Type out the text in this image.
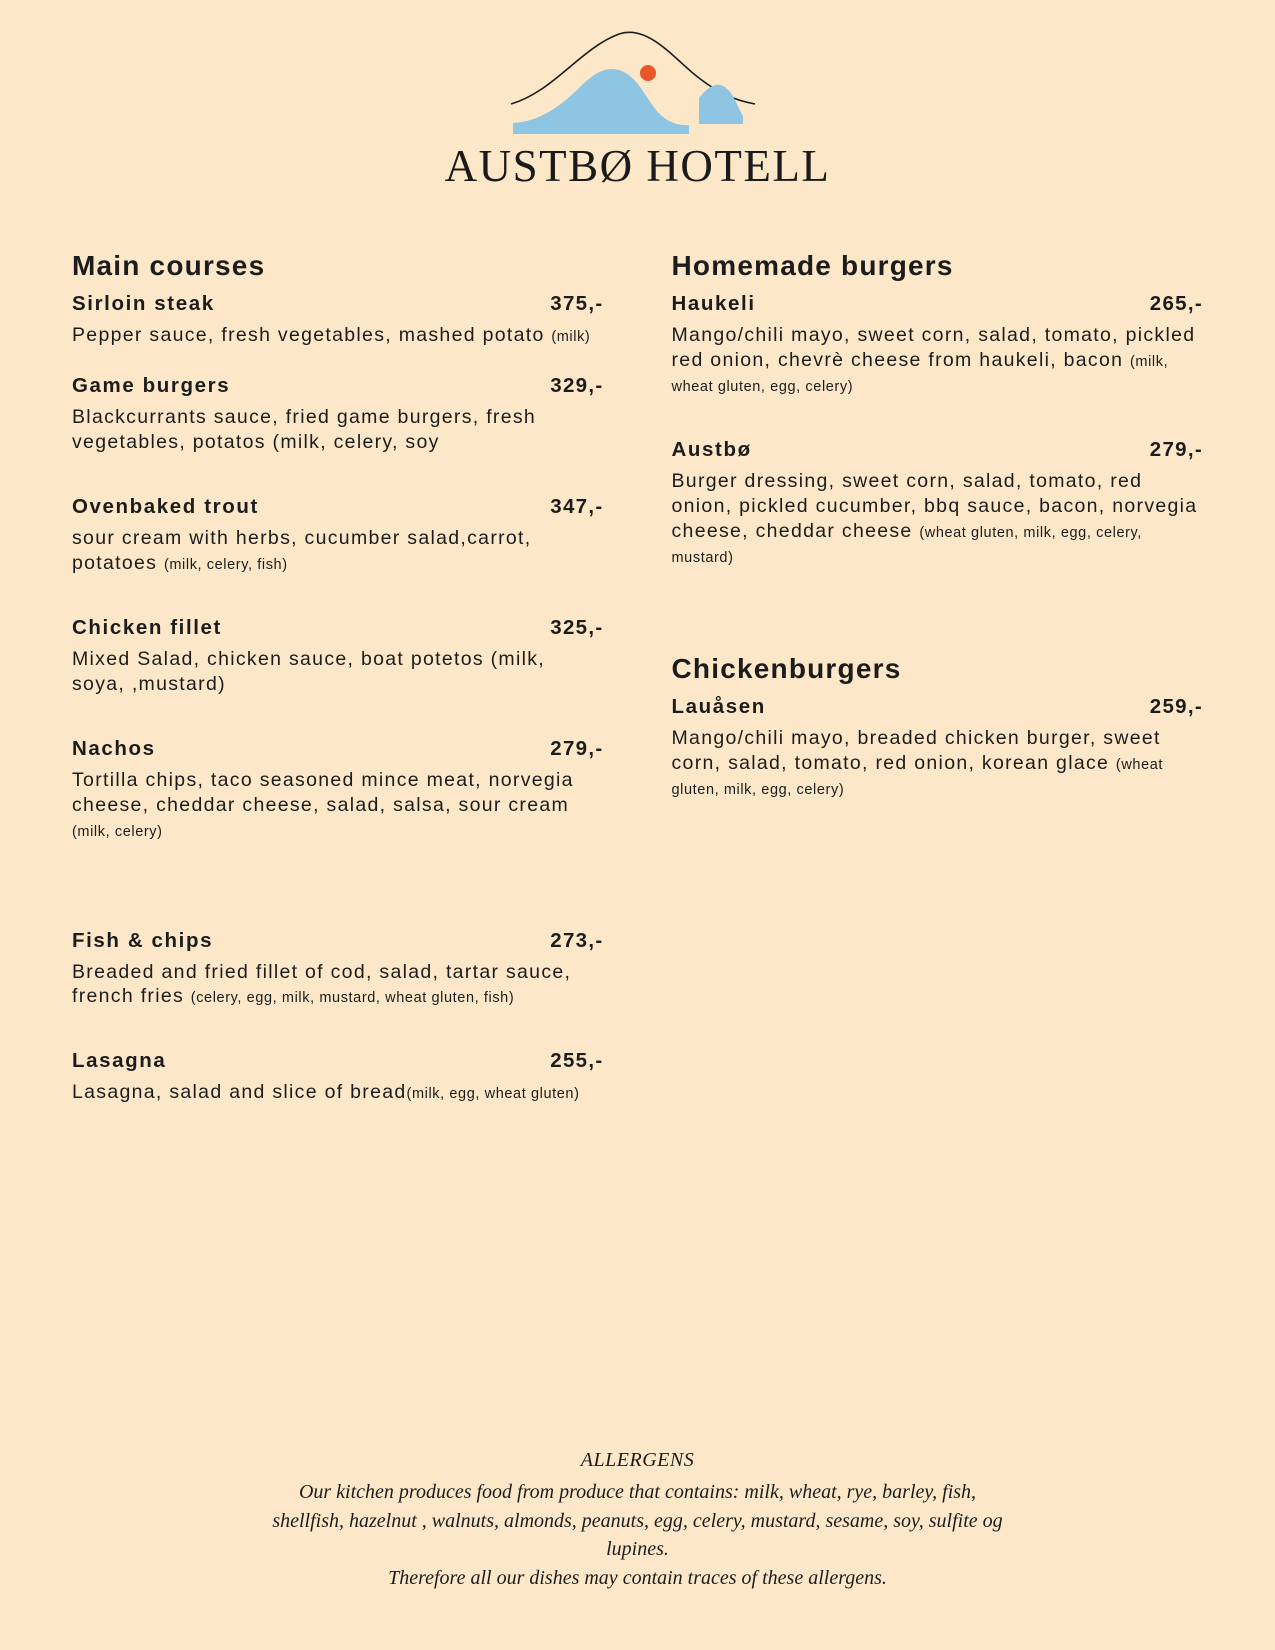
AUSTBØ HOTELL
Main courses
Sirloin steak	375,-
Pepper sauce, fresh vegetables, mashed potato (milk)
Game burgers	329,-
Blackcurrants sauce, fried game burgers, fresh vegetables, potatos (milk, celery, soy
Ovenbaked trout	347,-
sour cream with herbs, cucumber salad,carrot, potatoes (milk, celery, fish)
Chicken fillet	325,-
Mixed Salad, chicken sauce, boat potetos (milk, soya, ,mustard)
Nachos	279,-
Tortilla chips, taco seasoned mince meat, norvegia cheese, cheddar cheese, salad, salsa, sour cream (milk, celery)
Fish & chips	273,-
Breaded and fried fillet of cod, salad, tartar sauce, french fries (celery, egg, milk, mustard, wheat gluten, fish)
Lasagna	255,-
Lasagna, salad and slice of bread(milk, egg, wheat gluten)
Homemade burgers
Haukeli	265,-
Mango/chili mayo, sweet corn, salad, tomato, pickled red onion, chevrè cheese from haukeli, bacon (milk, wheat gluten, egg, celery)
Austbø	279,-
Burger dressing, sweet corn, salad, tomato, red onion, pickled cucumber, bbq sauce, bacon, norvegia cheese, cheddar cheese (wheat gluten, milk, egg, celery, mustard)
Chickenburgers
Lauåsen	259,-
Mango/chili mayo, breaded chicken burger, sweet corn, salad, tomato, red onion, korean glace (wheat gluten, milk, egg, celery)
ALLERGENS
Our kitchen produces food from produce that contains: milk, wheat, rye, barley, fish,
shellfish, hazelnut , walnuts, almonds, peanuts, egg, celery, mustard, sesame, soy, sulfite og
lupines.
Therefore all our dishes may contain traces of these allergens.
